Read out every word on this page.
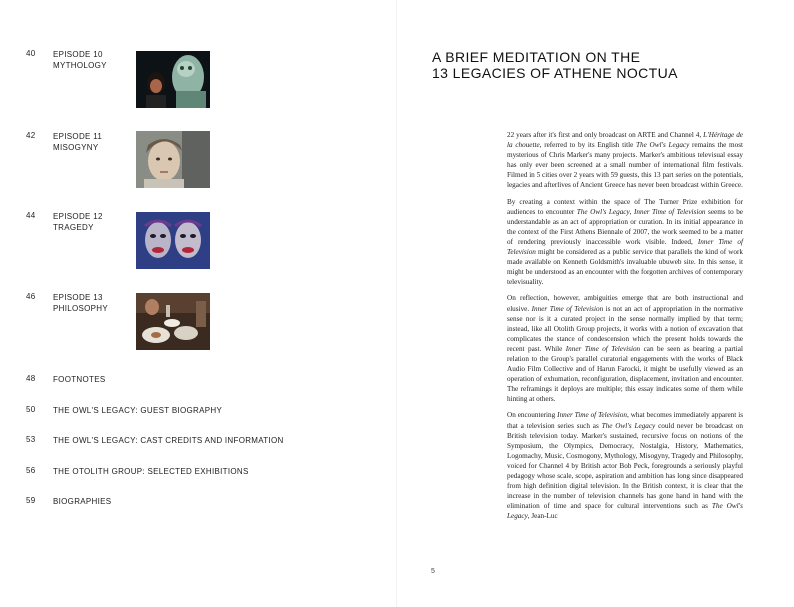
40	EPISODE 10
MYTHOLOGY
42	EPISODE 11
MISOGYNY
44	EPISODE 12
TRAGEDY
46	EPISODE 13
PHILOSOPHY
48	FOOTNOTES
50	THE OWL'S LEGACY: GUEST BIOGRAPHY
53	THE OWL'S LEGACY: CAST CREDITS AND INFORMATION
56	THE OTOLITH GROUP: SELECTED EXHIBITIONS
59	BIOGRAPHIES
A BRIEF MEDITATION ON THE
13 LEGACIES OF ATHENE NOCTUA

22 years after it's first and only broadcast on ARTE and Channel 4, L'Héritage de la chouette, referred to by its English title The Owl's Legacy remains the most mysterious of Chris Marker's many projects. Marker's ambitious televisual essay has only ever been screened at a small number of international film festivals. Filmed in 5 cities over 2 years with 59 guests, this 13 part series on the potentials, legacies and afterlives of Ancient Greece has never been broadcast within Greece.

By creating a context within the space of The Turner Prize exhibition for audiences to encounter The Owl's Legacy, Inner Time of Television seems to be understandable as an act of appropriation or curation. In its initial appearance in the context of the First Athens Biennale of 2007, the work seemed to be a matter of rendering previously inaccessible work visible. Indeed, Inner Time of Television might be considered as a public service that parallels the kind of work made available on Kenneth Goldsmith's invaluable ubuweb site. In this sense, it might be understood as an encounter with the forgotten archives of contemporary televisuality.

On reflection, however, ambiguities emerge that are both instructional and elusive. Inner Time of Television is not an act of appropriation in the normative sense nor is it a curated project in the sense normally implied by that term; instead, like all Otolith Group projects, it works with a notion of excavation that complicates the stance of condescension which the present holds towards the recent past. While Inner Time of Television can be seen as bearing a partial relation to the Group's parallel curatorial engagements with the works of Black Audio Film Collective and of Harun Farocki, it might be usefully viewed as an operation of exhumation, reconfiguration, displacement, invitation and encounter. The reframings it deploys are multiple; this essay indicates some of them while hinting at others.

On encountering Inner Time of Television, what becomes immediately apparent is that a television series such as The Owl's Legacy could never be broadcast on British television today. Marker's sustained, recursive focus on notions of the Symposium, the Olympics, Democracy, Nostalgia, History, Mathematics, Logomachy, Music, Cosmogony, Mythology, Misogyny, Tragedy and Philosophy, voiced for Channel 4 by British actor Bob Peck, foregrounds a seriously playful pedagogy whose scale, scope, aspiration and ambition has long since disappeared from high definition digital television. In the British context, it is clear that the increase in the number of television channels has gone hand in hand with the elimination of time and space for cultural interventions such as The Owl's Legacy, Jean-Luc

5
